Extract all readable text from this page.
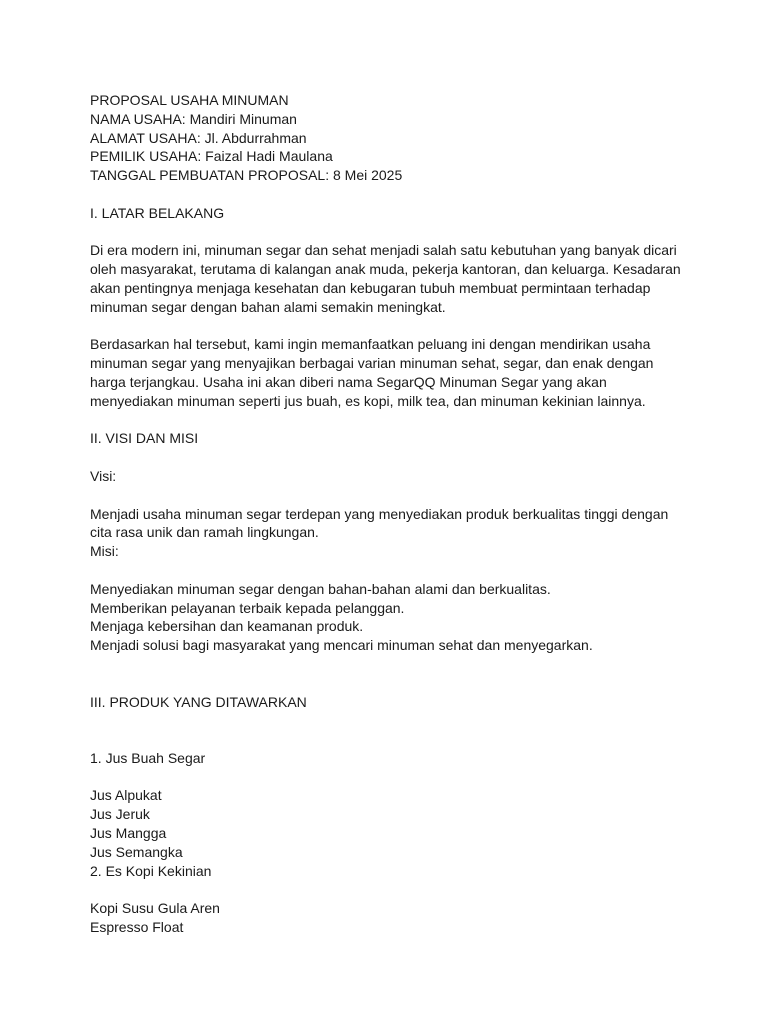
PROPOSAL USAHA MINUMAN

NAMA USAHA: Mandiri Minuman

ALAMAT USAHA: Jl. Abdurrahman

PEMILIK USAHA: Faizal Hadi Maulana

TANGGAL PEMBUATAN PROPOSAL: 8 Mei 2025

I. LATAR BELAKANG

Di era modern ini, minuman segar dan sehat menjadi salah satu kebutuhan yang banyak dicari

oleh masyarakat, terutama di kalangan anak muda, pekerja kantoran, dan keluarga. Kesadaran

akan pentingnya menjaga kesehatan dan kebugaran tubuh membuat permintaan terhadap

minuman segar dengan bahan alami semakin meningkat.

Berdasarkan hal tersebut, kami ingin memanfaatkan peluang ini dengan mendirikan usaha

minuman segar yang menyajikan berbagai varian minuman sehat, segar, dan enak dengan

harga terjangkau. Usaha ini akan diberi nama SegarQQ Minuman Segar yang akan

menyediakan minuman seperti jus buah, es kopi, milk tea, dan minuman kekinian lainnya.

II. VISI DAN MISI

Visi:

Menjadi usaha minuman segar terdepan yang menyediakan produk berkualitas tinggi dengan

cita rasa unik dan ramah lingkungan.

Misi:

Menyediakan minuman segar dengan bahan-bahan alami dan berkualitas.

Memberikan pelayanan terbaik kepada pelanggan.

Menjaga kebersihan dan keamanan produk.

Menjadi solusi bagi masyarakat yang mencari minuman sehat dan menyegarkan.

III. PRODUK YANG DITAWARKAN

1. Jus Buah Segar

Jus Alpukat

Jus Jeruk

Jus Mangga

Jus Semangka

2. Es Kopi Kekinian

Kopi Susu Gula Aren

Espresso Float
